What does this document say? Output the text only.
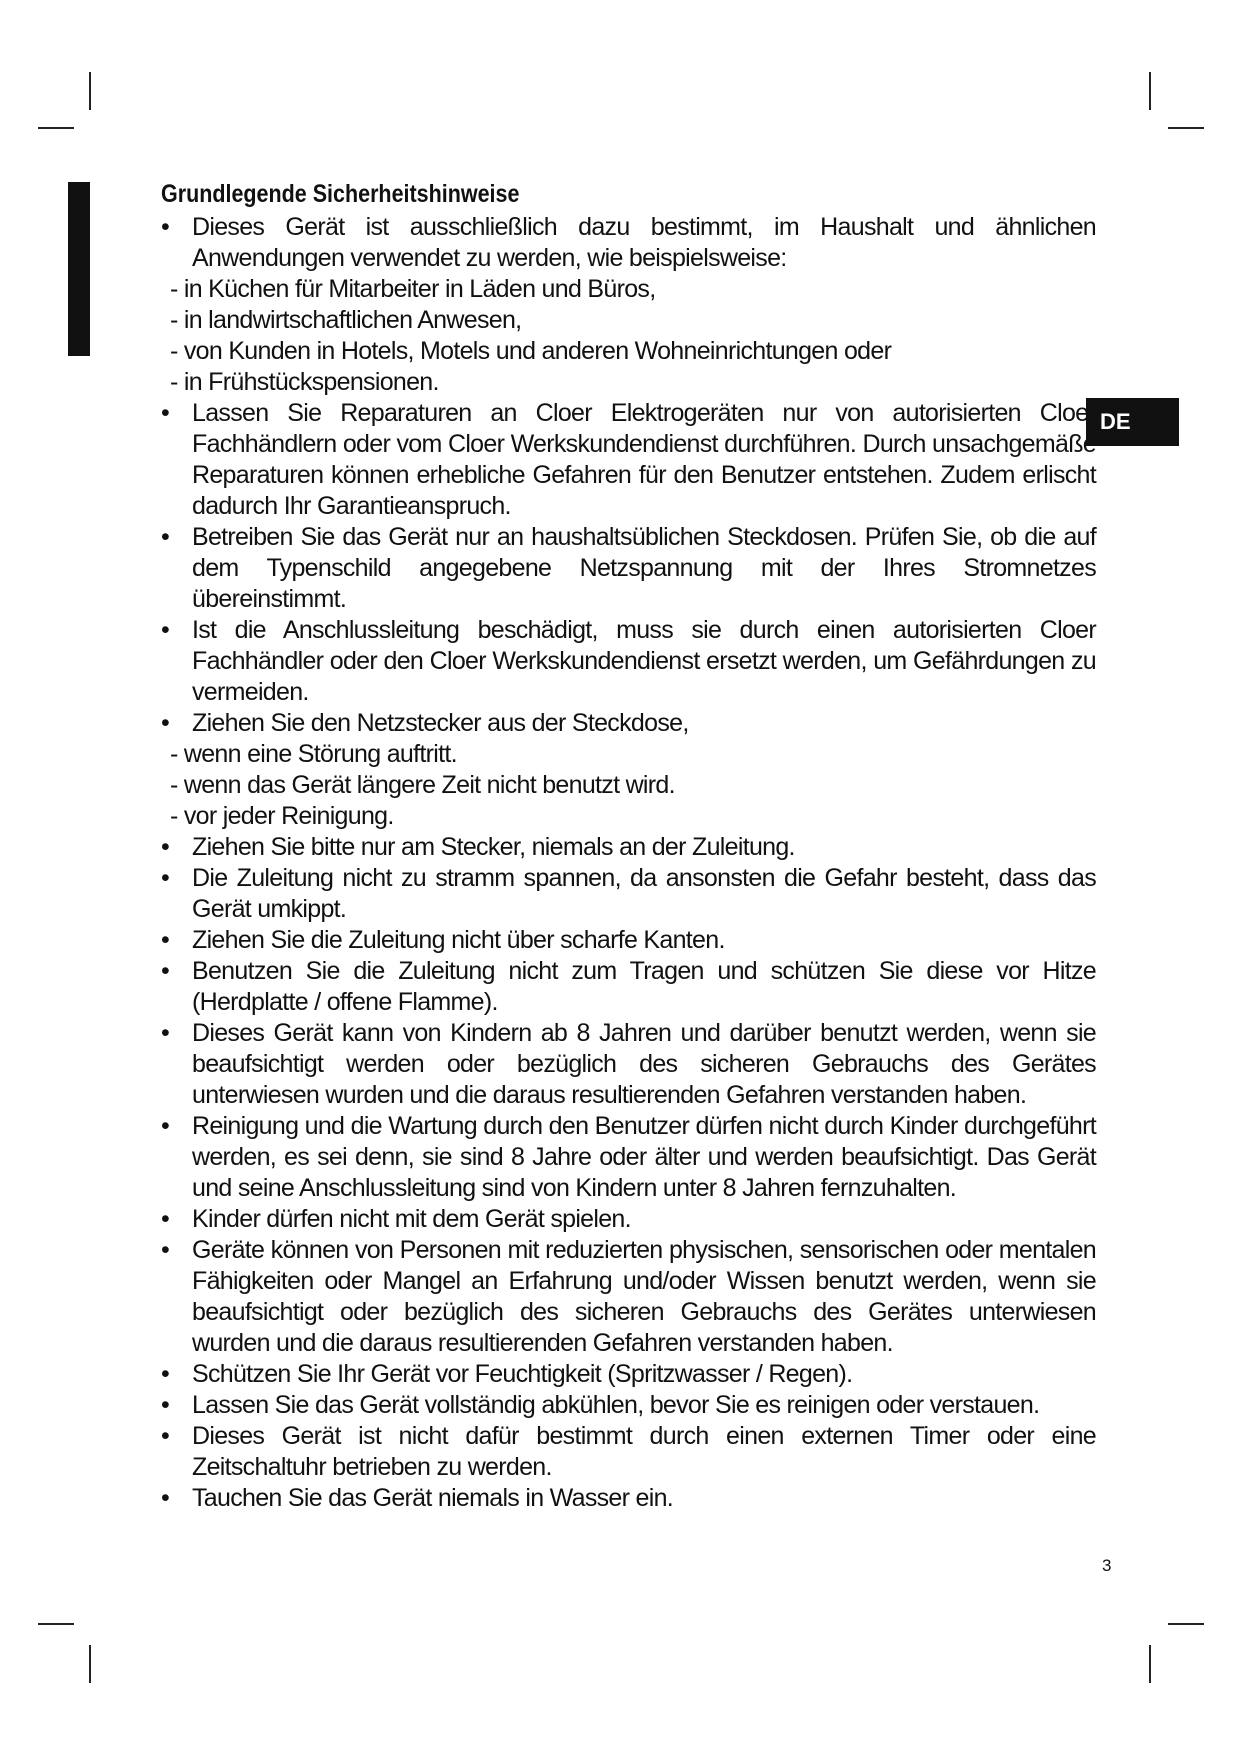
DE
Grundlegende Sicherheitshinweise
• Dieses Gerät ist ausschließlich dazu bestimmt, im Haushalt und ähnlichen Anwendungen verwendet zu werden, wie beispielsweise:
- in Küchen für Mitarbeiter in Läden und Büros,
- in landwirtschaftlichen Anwesen,
- von Kunden in Hotels, Motels und anderen Wohneinrichtungen oder
- in Frühstückspensionen.
• Lassen Sie Reparaturen an Cloer Elektrogeräten nur von autorisierten Cloer Fachhändlern oder vom Cloer Werkskundendienst durchführen. Durch unsachgemäße Reparaturen können erhebliche Gefahren für den Benutzer entstehen. Zudem erlischt dadurch Ihr Garantieanspruch.
• Betreiben Sie das Gerät nur an haushaltsüblichen Steckdosen. Prüfen Sie, ob die auf dem Typenschild angegebene Netzspannung mit der Ihres Stromnetzes übereinstimmt.
• Ist die Anschlussleitung beschädigt, muss sie durch einen autorisierten Cloer Fachhändler oder den Cloer Werkskundendienst ersetzt werden, um Gefährdungen zu vermeiden.
• Ziehen Sie den Netzstecker aus der Steckdose,
- wenn eine Störung auftritt.
- wenn das Gerät längere Zeit nicht benutzt wird.
- vor jeder Reinigung.
• Ziehen Sie bitte nur am Stecker, niemals an der Zuleitung.
• Die Zuleitung nicht zu stramm spannen, da ansonsten die Gefahr besteht, dass das Gerät umkippt.
• Ziehen Sie die Zuleitung nicht über scharfe Kanten.
• Benutzen Sie die Zuleitung nicht zum Tragen und schützen Sie diese vor Hitze (Herdplatte / offene Flamme).
• Dieses Gerät kann von Kindern ab 8 Jahren und darüber benutzt werden, wenn sie beaufsichtigt werden oder bezüglich des sicheren Gebrauchs des Gerätes unterwiesen wurden und die daraus resultierenden Gefahren verstanden haben.
• Reinigung und die Wartung durch den Benutzer dürfen nicht durch Kinder durchgeführt werden, es sei denn, sie sind 8 Jahre oder älter und werden beaufsichtigt. Das Gerät und seine Anschlussleitung sind von Kindern unter 8 Jahren fernzuhalten.
• Kinder dürfen nicht mit dem Gerät spielen.
• Geräte können von Personen mit reduzierten physischen, sensorischen oder mentalen Fähigkeiten oder Mangel an Erfahrung und/oder Wissen benutzt werden, wenn sie beaufsichtigt oder bezüglich des sicheren Gebrauchs des Gerätes unterwiesen wurden und die daraus resultierenden Gefahren verstanden haben.
• Schützen Sie Ihr Gerät vor Feuchtigkeit (Spritzwasser / Regen).
• Lassen Sie das Gerät vollständig abkühlen, bevor Sie es reinigen oder verstauen.
• Dieses Gerät ist nicht dafür bestimmt durch einen externen Timer oder eine Zeitschaltuhr betrieben zu werden.
• Tauchen Sie das Gerät niemals in Wasser ein.
3
